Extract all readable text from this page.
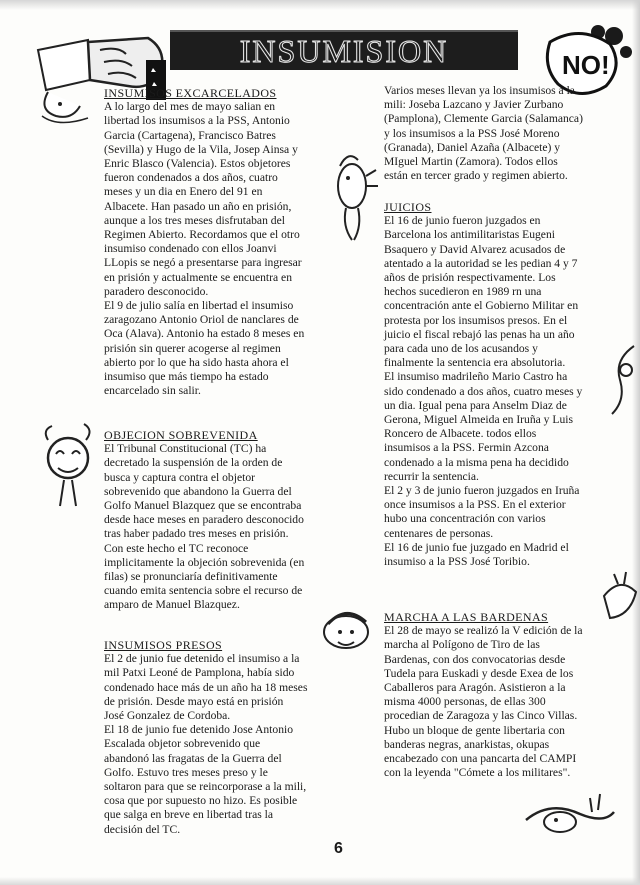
INSUMISION	NO!

INSUMISOS EXCARCELADOS

A lo largo del mes de mayo salian en
libertad los insumisos a la PSS, Antonio
Garcia (Cartagena), Francisco Batres
(Sevilla) y Hugo de la Vila, Josep Ainsa y
Enric Blasco (Valencia). Estos objetores
fueron condenados a dos años, cuatro
meses y un dia en Enero del 91 en
Albacete. Han pasado un año en prisión,
aunque a los tres meses disfrutaban del
Regimen Abierto. Recordamos que el otro
insumiso condenado con ellos Joanvi
LLopis se negó a presentarse para ingresar
en prisión y actualmente se encuentra en
paradero desconocido.
El 9 de julio salía en libertad el insumiso
zaragozano Antonio Oriol de nanclares de
Oca (Alava). Antonio ha estado 8 meses en
prisión sin querer acogerse al regimen
abierto por lo que ha sido hasta ahora el
insumiso que más tiempo ha estado
encarcelado sin salir.

OBJECION SOBREVENIDA

El Tribunal Constitucional (TC) ha
decretado la suspensión de la orden de
busca y captura contra el objetor
sobrevenido que abandono la Guerra del
Golfo Manuel Blazquez que se encontraba
desde hace meses en paradero desconocido
tras haber padado tres meses en prisión.
Con este hecho el TC reconoce
implicitamente la objeción sobrevenida (en
filas) se pronunciaría definitivamente
cuando emita sentencia sobre el recurso de
amparo de Manuel Blazquez.

INSUMISOS PRESOS

El 2 de junio fue detenido el insumiso a la
mil Patxi Leoné de Pamplona, había sido
condenado hace más de un año ha 18 meses
de prisión. Desde mayo está en prisión
José Gonzalez de Cordoba.
El 18 de junio fue detenido Jose Antonio
Escalada objetor sobrevenido que
abandonó las fragatas de la Guerra del
Golfo. Estuvo tres meses preso y le
soltaron para que se reincorporase a la mili,
cosa que por supuesto no hizo. Es posible
que salga en breve en libertad tras la
decisión del TC.

Varios meses llevan ya los insumisos a la
mili: Joseba Lazcano y Javier Zurbano
(Pamplona), Clemente Garcia (Salamanca)
y los insumisos a la PSS José Moreno
(Granada), Daniel Azaña (Albacete) y
MIguel Martin (Zamora). Todos ellos
están en tercer grado y regimen abierto.

JUICIOS

El 16 de junio fueron juzgados en
Barcelona los antimilitaristas Eugeni
Bsaquero y David Alvarez acusados de
atentado a la autoridad se les pedian 4 y 7
años de prisión respectivamente. Los
hechos sucedieron en 1989 rn una
concentración ante el Gobierno Militar en
protesta por los insumisos presos. En el
juicio el fiscal rebajó las penas ha un año
para cada uno de los acusandos y
finalmente la sentencia era absolutoria.
El insumiso madrileño Mario Castro ha
sido condenado a dos años, cuatro meses y
un dia. Igual pena para Anselm Diaz de
Gerona, Miguel Almeida en Iruña y Luis
Roncero de Albacete. todos ellos
insumisos a la PSS. Fermin Azcona
condenado a la misma pena ha decidido
recurrir la sentencia.
El 2 y 3 de junio fueron juzgados en Iruña
once insumisos a la PSS. En el exterior
hubo una concentración con varios
centenares de personas.
El 16 de junio fue juzgado en Madrid el
insumiso a la PSS José Toribio.

MARCHA A LAS BARDENAS

El 28 de mayo se realizó la V edición de la
marcha al Polígono de Tiro de las
Bardenas, con dos convocatorias desde
Tudela para Euskadi y desde Exea de los
Caballeros para Aragón. Asistieron a la
misma 4000 personas, de ellas 300
procedian de Zaragoza y las Cinco Villas.
Hubo un bloque de gente libertaria con
banderas negras, anarkistas, okupas
encabezado con una pancarta del CAMPI
con la leyenda "Cómete a los militares".

6
